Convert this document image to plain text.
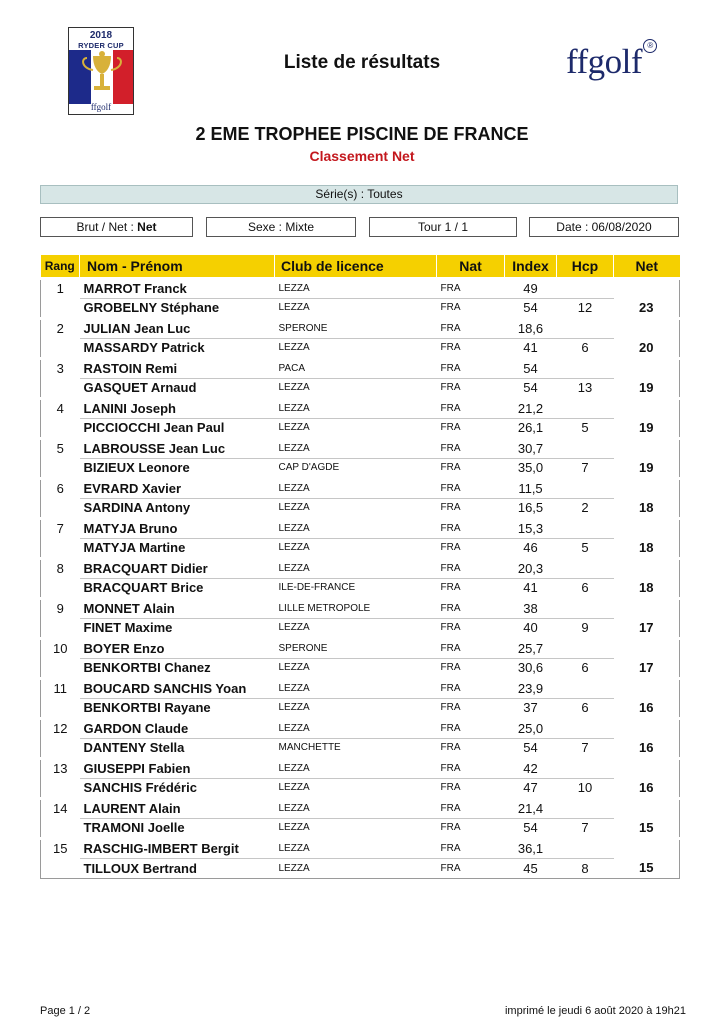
2018
RYDER CUP
ffgolf
Liste de résultats	ffgolf ®
2 EME TROPHEE PISCINE DE FRANCE
Classement Net
Série(s) : Toutes
Brut / Net : Net	Sexe : Mixte	Tour 1 / 1	Date : 06/08/2020
Rang	Nom - Prénom	Club de licence	Nat	Index	Hcp	Net
1	MARROT Franck	LEZZA	FRA	49		
	GROBELNY Stéphane	LEZZA	FRA	54	12	23
2	JULIAN Jean Luc	SPERONE	FRA	18,6		
	MASSARDY Patrick	LEZZA	FRA	41	6	20
3	RASTOIN Remi	PACA	FRA	54		
	GASQUET Arnaud	LEZZA	FRA	54	13	19
4	LANINI Joseph	LEZZA	FRA	21,2		
	PICCIOCCHI Jean Paul	LEZZA	FRA	26,1	5	19
5	LABROUSSE Jean Luc	LEZZA	FRA	30,7		
	BIZIEUX Leonore	CAP D'AGDE	FRA	35,0	7	19
6	EVRARD Xavier	LEZZA	FRA	11,5		
	SARDINA Antony	LEZZA	FRA	16,5	2	18
7	MATYJA Bruno	LEZZA	FRA	15,3		
	MATYJA Martine	LEZZA	FRA	46	5	18
8	BRACQUART Didier	LEZZA	FRA	20,3		
	BRACQUART Brice	ILE-DE-FRANCE	FRA	41	6	18
9	MONNET Alain	LILLE METROPOLE	FRA	38		
	FINET Maxime	LEZZA	FRA	40	9	17
10	BOYER Enzo	SPERONE	FRA	25,7		
	BENKORTBI Chanez	LEZZA	FRA	30,6	6	17
11	BOUCARD SANCHIS Yoan	LEZZA	FRA	23,9		
	BENKORTBI Rayane	LEZZA	FRA	37	6	16
12	GARDON Claude	LEZZA	FRA	25,0		
	DANTENY Stella	MANCHETTE	FRA	54	7	16
13	GIUSEPPI Fabien	LEZZA	FRA	42		
	SANCHIS Frédéric	LEZZA	FRA	47	10	16
14	LAURENT Alain	LEZZA	FRA	21,4		
	TRAMONI Joelle	LEZZA	FRA	54	7	15
15	RASCHIG-IMBERT Bergit	LEZZA	FRA	36,1		
	TILLOUX Bertrand	LEZZA	FRA	45	8	15
Page 1 / 2	imprimé le jeudi 6 août 2020 à 19h21
